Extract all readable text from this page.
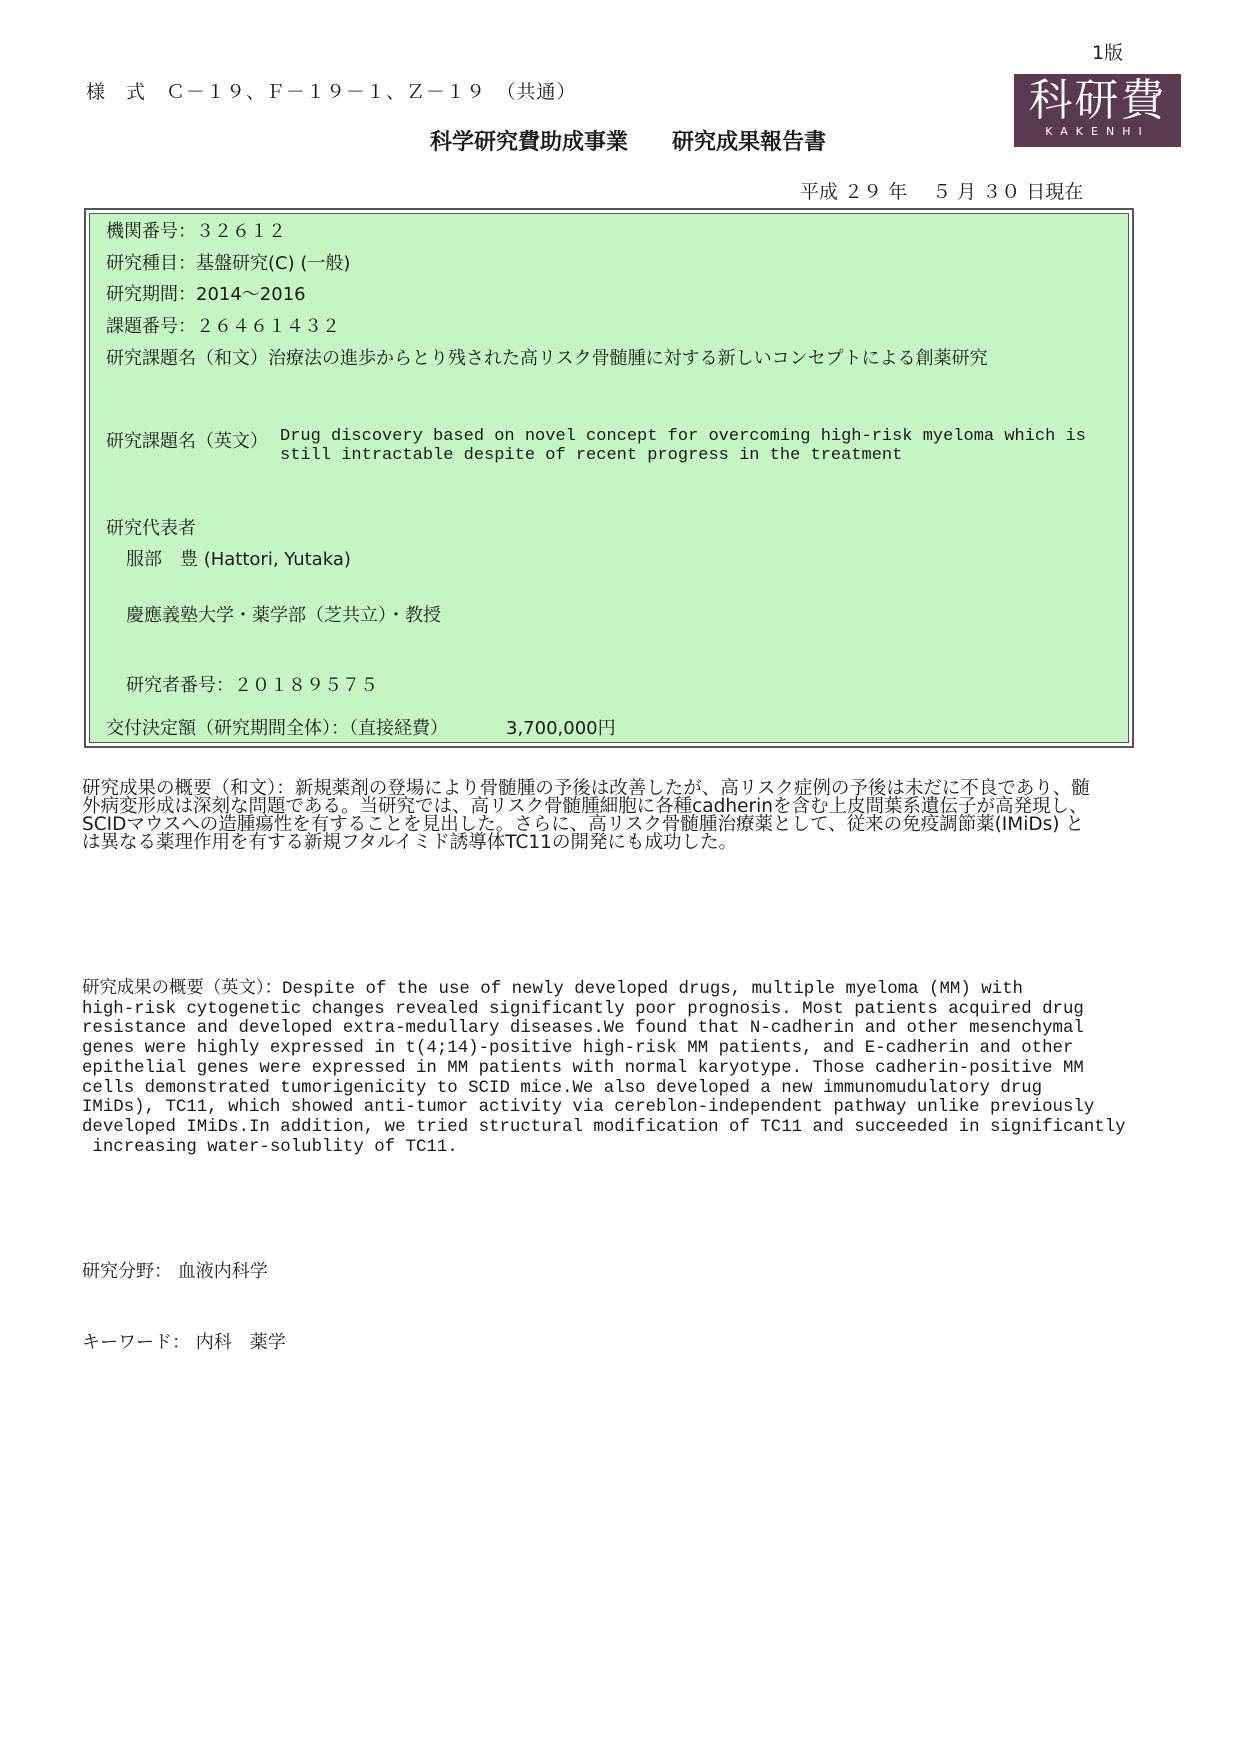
1版
様　式　Ｃ－１９、Ｆ－１９－１、Ｚ－１９　（共通）
科学研究費助成事業　　研究成果報告書
平成 ２９ 年　 ５ 月 ３０ 日現在
科研費
KAKENHI
機関番号：３２６１２
研究種目：基盤研究(C) (一般)
研究期間：2014～2016
課題番号：２６４６１４３２
研究課題名（和文）治療法の進歩からとり残された高リスク骨髄腫に対する新しいコンセプトによる創薬研究
研究課題名（英文） Drug discovery based on novel concept for overcoming high-risk myeloma which is
still intractable despite of recent progress in the treatment
研究代表者
服部　豊 (Hattori, Yutaka)
慶應義塾大学・薬学部（芝共立）・教授
研究者番号：２０１８９５７５
交付決定額（研究期間全体）：（直接経費）	3,700,000円
研究成果の概要（和文）：新規薬剤の登場により骨髄腫の予後は改善したが、高リスク症例の予後は未だに不良であり、髄外病変形成は深刻な問題である。当研究では、高リスク骨髄腫細胞に各種cadherinを含む上皮間葉系遺伝子が高発現し、SCIDマウスへの造腫瘍性を有することを見出した。さらに、高リスク骨髄腫治療薬として、従来の免疫調節薬(IMiDs) とは異なる薬理作用を有する新規フタルイミド誘導体TC11の開発にも成功した。
研究成果の概要（英文）：Despite of the use of newly developed drugs, multiple myeloma (MM) with
high-risk cytogenetic changes revealed significantly poor prognosis. Most patients acquired drug
resistance and developed extra-medullary diseases.We found that N-cadherin and other mesenchymal
genes were highly expressed in t(4;14)-positive high-risk MM patients, and E-cadherin and other
epithelial genes were expressed in MM patients with normal karyotype. Those cadherin-positive MM
cells demonstrated tumorigenicity to SCID mice.We also developed a new immunomudulatory drug
IMiDs), TC11, which showed anti-tumor activity via cereblon-independent pathway unlike previously
developed IMiDs.In addition, we tried structural modification of TC11 and succeeded in significantly
increasing water-solublity of TC11.
研究分野： 血液内科学
キーワード： 内科　薬学
